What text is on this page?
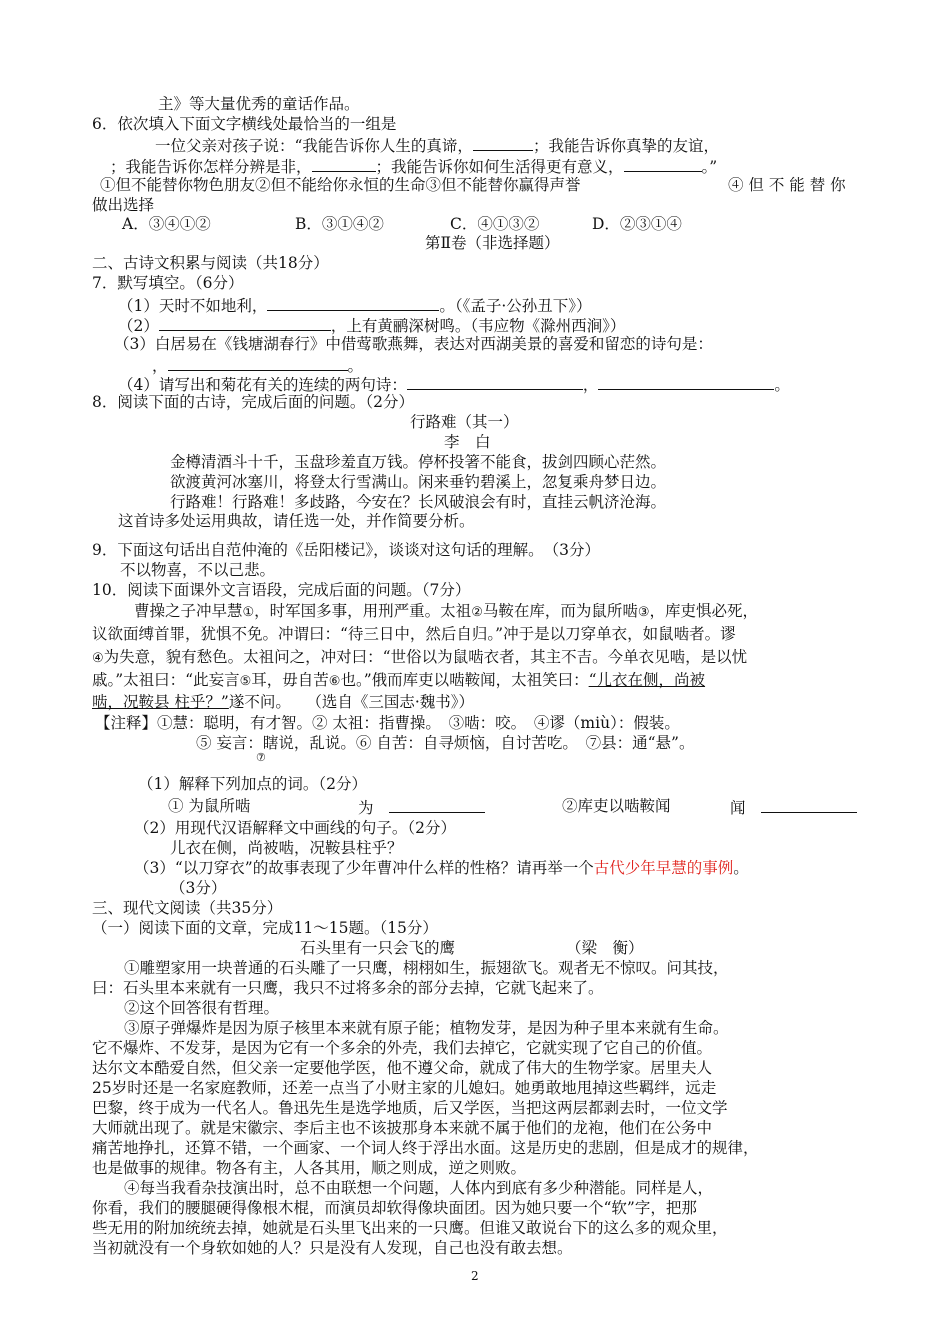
主》等大量优秀的童话作品。
6．依次填入下面文字横线处最恰当的一组是
一位父亲对孩子说：“我能告诉你人生的真谛，	；我能告诉你真挚的友谊，
；我能告诉你怎样分辨是非，	；我能告诉你如何生活得更有意义，	。”
①但不能替你物色朋友②但不能给你永恒的生命③但不能替你赢得声誉	④ 但 不 能 替 你
做出选择
A．③④①②	B．③①④②	C．④①③②	D．②③①④
第Ⅱ卷（非选择题）
二、古诗文积累与阅读（共18分）
7．默写填空。（6分）
（1）天时不如地利，	。（《孟子·公孙丑下》）
（2）	，上有黄鹂深树鸣。（韦应物《滁州西涧》）
（3）白居易在《钱塘湖春行》中借莺歌燕舞，表达对西湖美景的喜爱和留恋的诗句是：
，	。
（4）请写出和菊花有关的连续的两句诗：	，	。
8．阅读下面的古诗，完成后面的问题。（2分）
行路难（其一）
李　白
金樽清酒斗十千，玉盘珍羞直万钱。停杯投箸不能食，拔剑四顾心茫然。
欲渡黄河冰塞川，将登太行雪满山。闲来垂钓碧溪上，忽复乘舟梦日边。
行路难！行路难！多歧路，今安在？长风破浪会有时，直挂云帆济沧海。
这首诗多处运用典故，请任选一处，并作简要分析。
9．下面这句话出自范仲淹的《岳阳楼记》，谈谈对这句话的理解。　（3分）
不以物喜，不以己悲。
10．阅读下面课外文言语段，完成后面的问题。（7分）
曹操之子冲早慧①，时军国多事，用刑严重。太祖②马鞍在库，而为鼠所啮③，库吏惧必死，
议欲面缚首罪，犹惧不免。冲谓曰：“待三日中，然后自归。”冲于是以刀穿单衣，如鼠啮者。谬
④为失意，貌有愁色。太祖问之，冲对曰：“世俗以为鼠啮衣者，其主不吉。今单衣见啮，是以忧
戚。”太祖曰：“此妄言⑤耳，毋自苦⑥也。”俄而库吏以啮鞍闻，太祖笑曰：“儿衣在侧，尚被
啮，况鞍县 柱乎？”遂不问。　　（选自《三国志·魏书》）
【注释】①慧：聪明，有才智。② 太祖：指曹操。　③啮：咬。　④谬（miù）：假装。
⑤ 妄言：瞎说，乱说。⑥ 自苦：自寻烦恼，自讨苦吃。　⑦县：通“悬”。
⑦
（1）解释下列加点的词。（2分）
① 为鼠所啮	为　	②库吏以啮鞍闻	闻　
（2）用现代汉语解释文中画线的句子。（2分）
儿衣在侧，尚被啮，况鞍县柱乎？
（3）“以刀穿衣”的故事表现了少年曹冲什么样的性格？请再举一个古代少年早慧的事例。
（3分）
三、现代文阅读（共35分）
（一）阅读下面的文章，完成11～15题。（15分）
石头里有一只会飞的鹰	（梁　衡）
①雕塑家用一块普通的石头雕了一只鹰，栩栩如生，振翅欲飞。观者无不惊叹。问其技，
曰：石头里本来就有一只鹰，我只不过将多余的部分去掉，它就飞起来了。
②这个回答很有哲理。
③原子弹爆炸是因为原子核里本来就有原子能；植物发芽，是因为种子里本来就有生命。
它不爆炸、不发芽，是因为它有一个多余的外壳，我们去掉它，它就实现了它自己的价值。
达尔文本酷爱自然，但父亲一定要他学医，他不遵父命，就成了伟大的生物学家。居里夫人
25岁时还是一名家庭教师，还差一点当了小财主家的儿媳妇。她勇敢地甩掉这些羁绊，远走
巴黎，终于成为一代名人。鲁迅先生是选学地质，后又学医，当把这两层都剥去时，一位文学
大师就出现了。就是宋徽宗、李后主也不该披那身本来就不属于他们的龙袍，他们在公务中
痛苦地挣扎，还算不错，一个画家、一个词人终于浮出水面。这是历史的悲剧，但是成才的规律，
也是做事的规律。物各有主，人各其用，顺之则成，逆之则败。
④每当我看杂技演出时，总不由联想一个问题，人体内到底有多少种潜能。同样是人，
你看，我们的腰腿硬得像根木棍，而演员却软得像块面团。因为她只要一个“软”字，把那
些无用的附加统统去掉，她就是石头里飞出来的一只鹰。但谁又敢说台下的这么多的观众里，
当初就没有一个身软如她的人？只是没有人发现，自己也没有敢去想。
2
